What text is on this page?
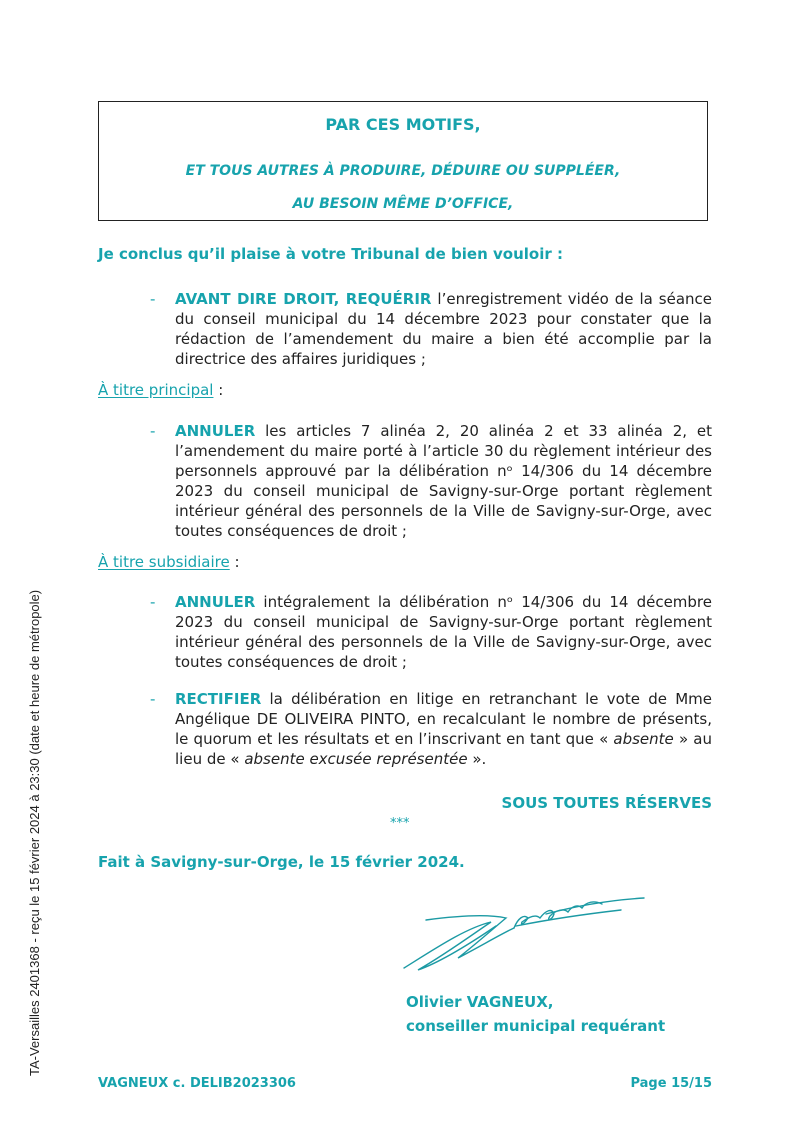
TA-Versailles 2401368 - reçu le 15 février 2024 à 23:30 (date et heure de métropole)
PAR CES MOTIFS,
ET TOUS AUTRES À PRODUIRE, DÉDUIRE OU SUPPLÉER,
AU BESOIN MÊME D’OFFICE,
Je conclus qu’il plaise à votre Tribunal de bien vouloir :
- AVANT DIRE DROIT, REQUÉRIR l’enregistrement vidéo de la séance du conseil municipal du 14 décembre 2023 pour constater que la rédaction de l’amendement du maire a bien été accomplie par la directrice des affaires juridiques ;
À titre principal :
- ANNULER les articles 7 alinéa 2, 20 alinéa 2 et 33 alinéa 2, et l’amendement du maire porté à l’article 30 du règlement intérieur des personnels approuvé par la délibération nᵒ 14/306 du 14 décembre 2023 du conseil municipal de Savigny-sur-Orge portant règlement intérieur général des personnels de la Ville de Savigny-sur-Orge, avec toutes conséquences de droit ;
À titre subsidiaire :
- ANNULER intégralement la délibération nᵒ 14/306 du 14 décembre 2023 du conseil municipal de Savigny-sur-Orge portant règlement intérieur général des personnels de la Ville de Savigny-sur-Orge, avec toutes conséquences de droit ;
- RECTIFIER la délibération en litige en retranchant le vote de Mme Angélique DE OLIVEIRA PINTO, en recalculant le nombre de présents, le quorum et les résultats et en l’inscrivant en tant que « absente » au lieu de « absente excusée représentée ».
SOUS TOUTES RÉSERVES
***
Fait à Savigny-sur-Orge, le 15 février 2024.
Olivier VAGNEUX,
conseiller municipal requérant
VAGNEUX c. DELIB2023306	Page 15/15
